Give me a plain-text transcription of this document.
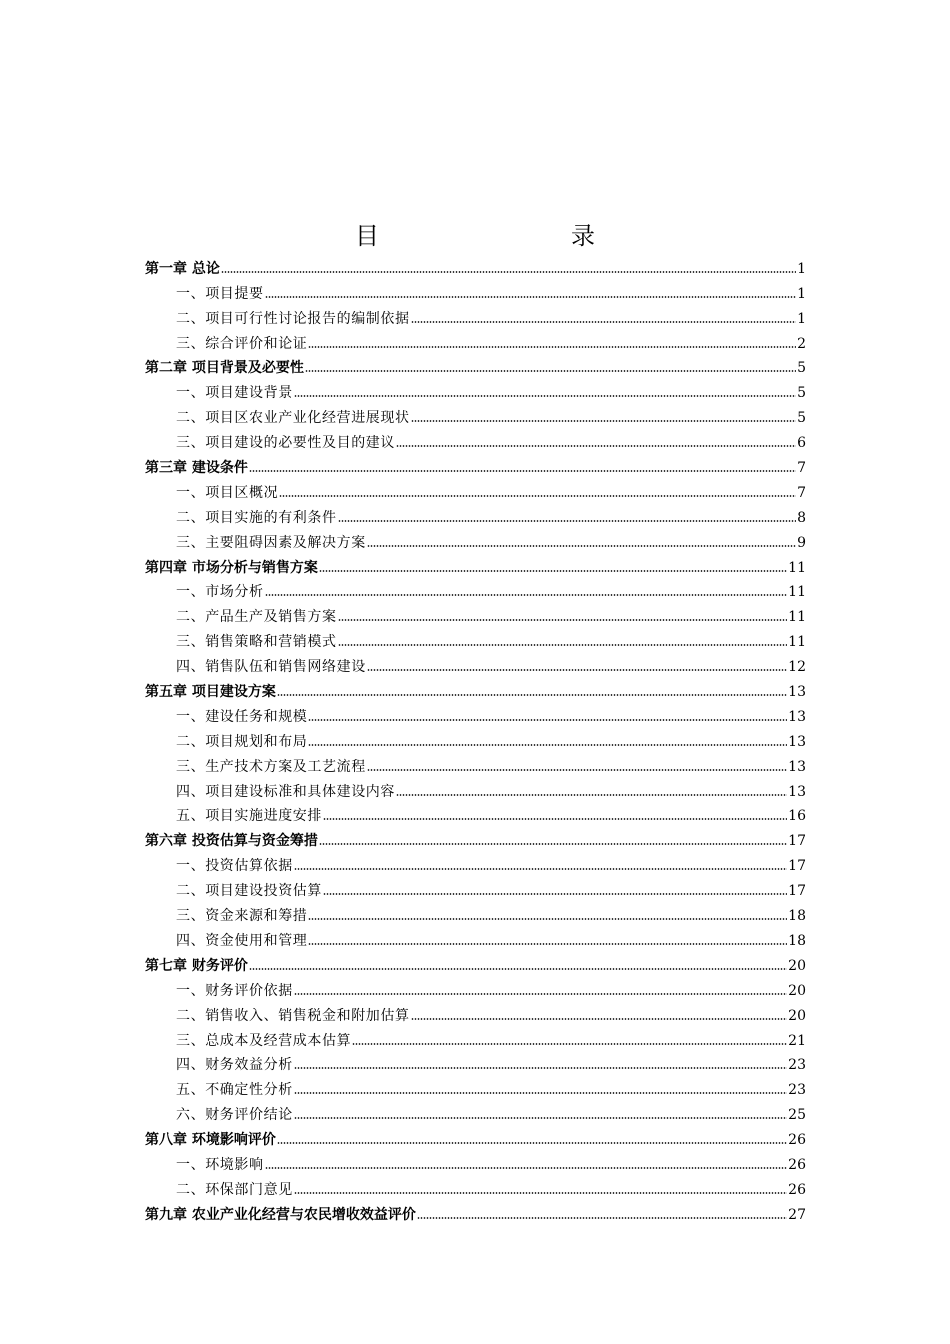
目　　录
第一章 总论	1
一、项目提要	1
二、项目可行性讨论报告的编制依据	1
三、综合评价和论证	2
第二章 项目背景及必要性	5
一、项目建设背景	5
二、项目区农业产业化经营进展现状	5
三、项目建设的必要性及目的建议	6
第三章 建设条件	7
一、项目区概况	7
二、项目实施的有利条件	8
三、主要阻碍因素及解决方案	9
第四章 市场分析与销售方案	11
一、市场分析	11
二、产品生产及销售方案	11
三、销售策略和营销模式	11
四、销售队伍和销售网络建设	12
第五章 项目建设方案	13
一、建设任务和规模	13
二、项目规划和布局	13
三、生产技术方案及工艺流程	13
四、项目建设标准和具体建设内容	13
五、项目实施进度安排	16
第六章 投资估算与资金筹措	17
一、投资估算依据	17
二、项目建设投资估算	17
三、资金来源和筹措	18
四、资金使用和管理	18
第七章 财务评价	20
一、财务评价依据	20
二、销售收入、销售税金和附加估算	20
三、总成本及经营成本估算	21
四、财务效益分析	23
五、不确定性分析	23
六、财务评价结论	25
第八章 环境影响评价	26
一、环境影响	26
二、环保部门意见	26
第九章 农业产业化经营与农民增收效益评价	27
